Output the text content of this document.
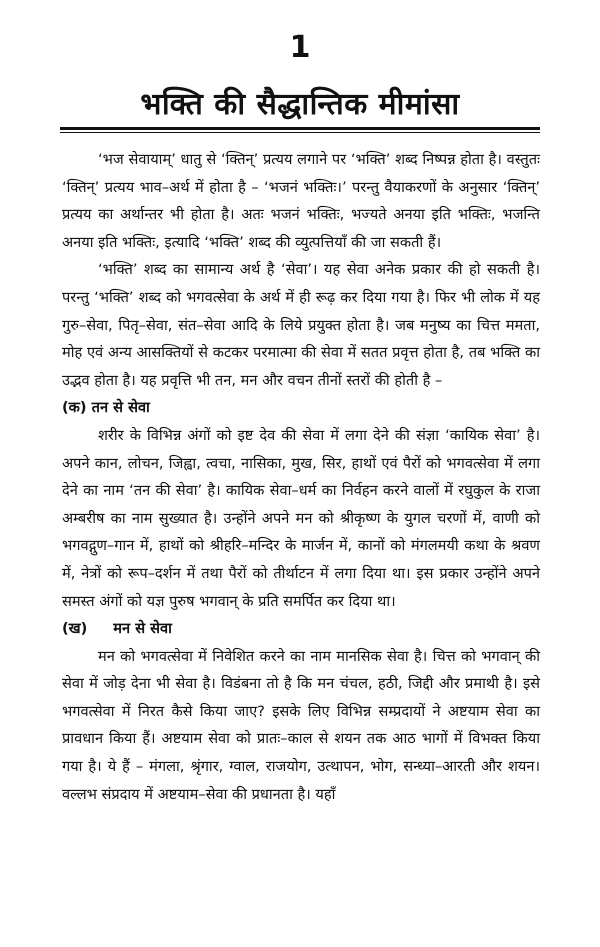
1
भक्ति की सैद्धान्तिक मीमांसा

‘भज सेवायाम्’ धातु से ‘क्तिन्’ प्रत्यय लगाने पर ‘भक्ति’ शब्द निष्पन्न होता है। वस्तुतः ‘क्तिन्’ प्रत्यय भाव–अर्थ में होता है – ‘भजनं भक्तिः।’ परन्तु वैयाकरणों के अनुसार ‘क्तिन्’ प्रत्यय का अर्थान्तर भी होता है। अतः भजनं भक्तिः, भज्यते अनया इति भक्तिः, भजन्ति अनया इति भक्तिः, इत्यादि ‘भक्ति’ शब्द की व्युत्पत्तियाँ की जा सकती हैं।

‘भक्ति’ शब्द का सामान्य अर्थ है ‘सेवा’। यह सेवा अनेक प्रकार की हो सकती है। परन्तु ‘भक्ति’ शब्द को भगवत्सेवा के अर्थ में ही रूढ़ कर दिया गया है। फिर भी लोक में यह गुरु–सेवा, पितृ–सेवा, संत–सेवा आदि के लिये प्रयुक्त होता है। जब मनुष्य का चित्त ममता, मोह एवं अन्य आसक्तियों से कटकर परमात्मा की सेवा में सतत प्रवृत्त होता है, तब भक्ति का उद्भव होता है। यह प्रवृत्ति भी तन, मन और वचन तीनों स्तरों की होती है –

(क) तन से सेवा

शरीर के विभिन्न अंगों को इष्ट देव की सेवा में लगा देने की संज्ञा ‘कायिक सेवा’ है। अपने कान, लोचन, जिह्वा, त्वचा, नासिका, मुख, सिर, हाथों एवं पैरों को भगवत्सेवा में लगा देने का नाम ‘तन की सेवा’ है। कायिक सेवा–धर्म का निर्वहन करने वालों में रघुकुल के राजा अम्बरीष का नाम सुख्यात है। उन्होंने अपने मन को श्रीकृष्ण के युगल चरणों में, वाणी को भगवद्गुण–गान में, हाथों को श्रीहरि–मन्दिर के मार्जन में, कानों को मंगलमयी कथा के श्रवण में, नेत्रों को रूप–दर्शन में तथा पैरों को तीर्थाटन में लगा दिया था। इस प्रकार उन्होंने अपने समस्त अंगों को यज्ञ पुरुष भगवान् के प्रति समर्पित कर दिया था।

(ख) मन से सेवा

मन को भगवत्सेवा में निवेशित करने का नाम मानसिक सेवा है। चित्त को भगवान् की सेवा में जोड़ देना भी सेवा है। विडंबना तो है कि मन चंचल, हठी, जिद्दी और प्रमाथी है। इसे भगवत्सेवा में निरत कैसे किया जाए? इसके लिए विभिन्न सम्प्रदायों ने अष्टयाम सेवा का प्रावधान किया हैं। अष्टयाम सेवा को प्रातः–काल से शयन तक आठ भागों में विभक्त किया गया है। ये हैं – मंगला, श्रृंगार, ग्वाल, राजयोग, उत्थापन, भोग, सन्ध्या–आरती और शयन। वल्लभ संप्रदाय में अष्टयाम–सेवा की प्रधानता है। यहाँ
